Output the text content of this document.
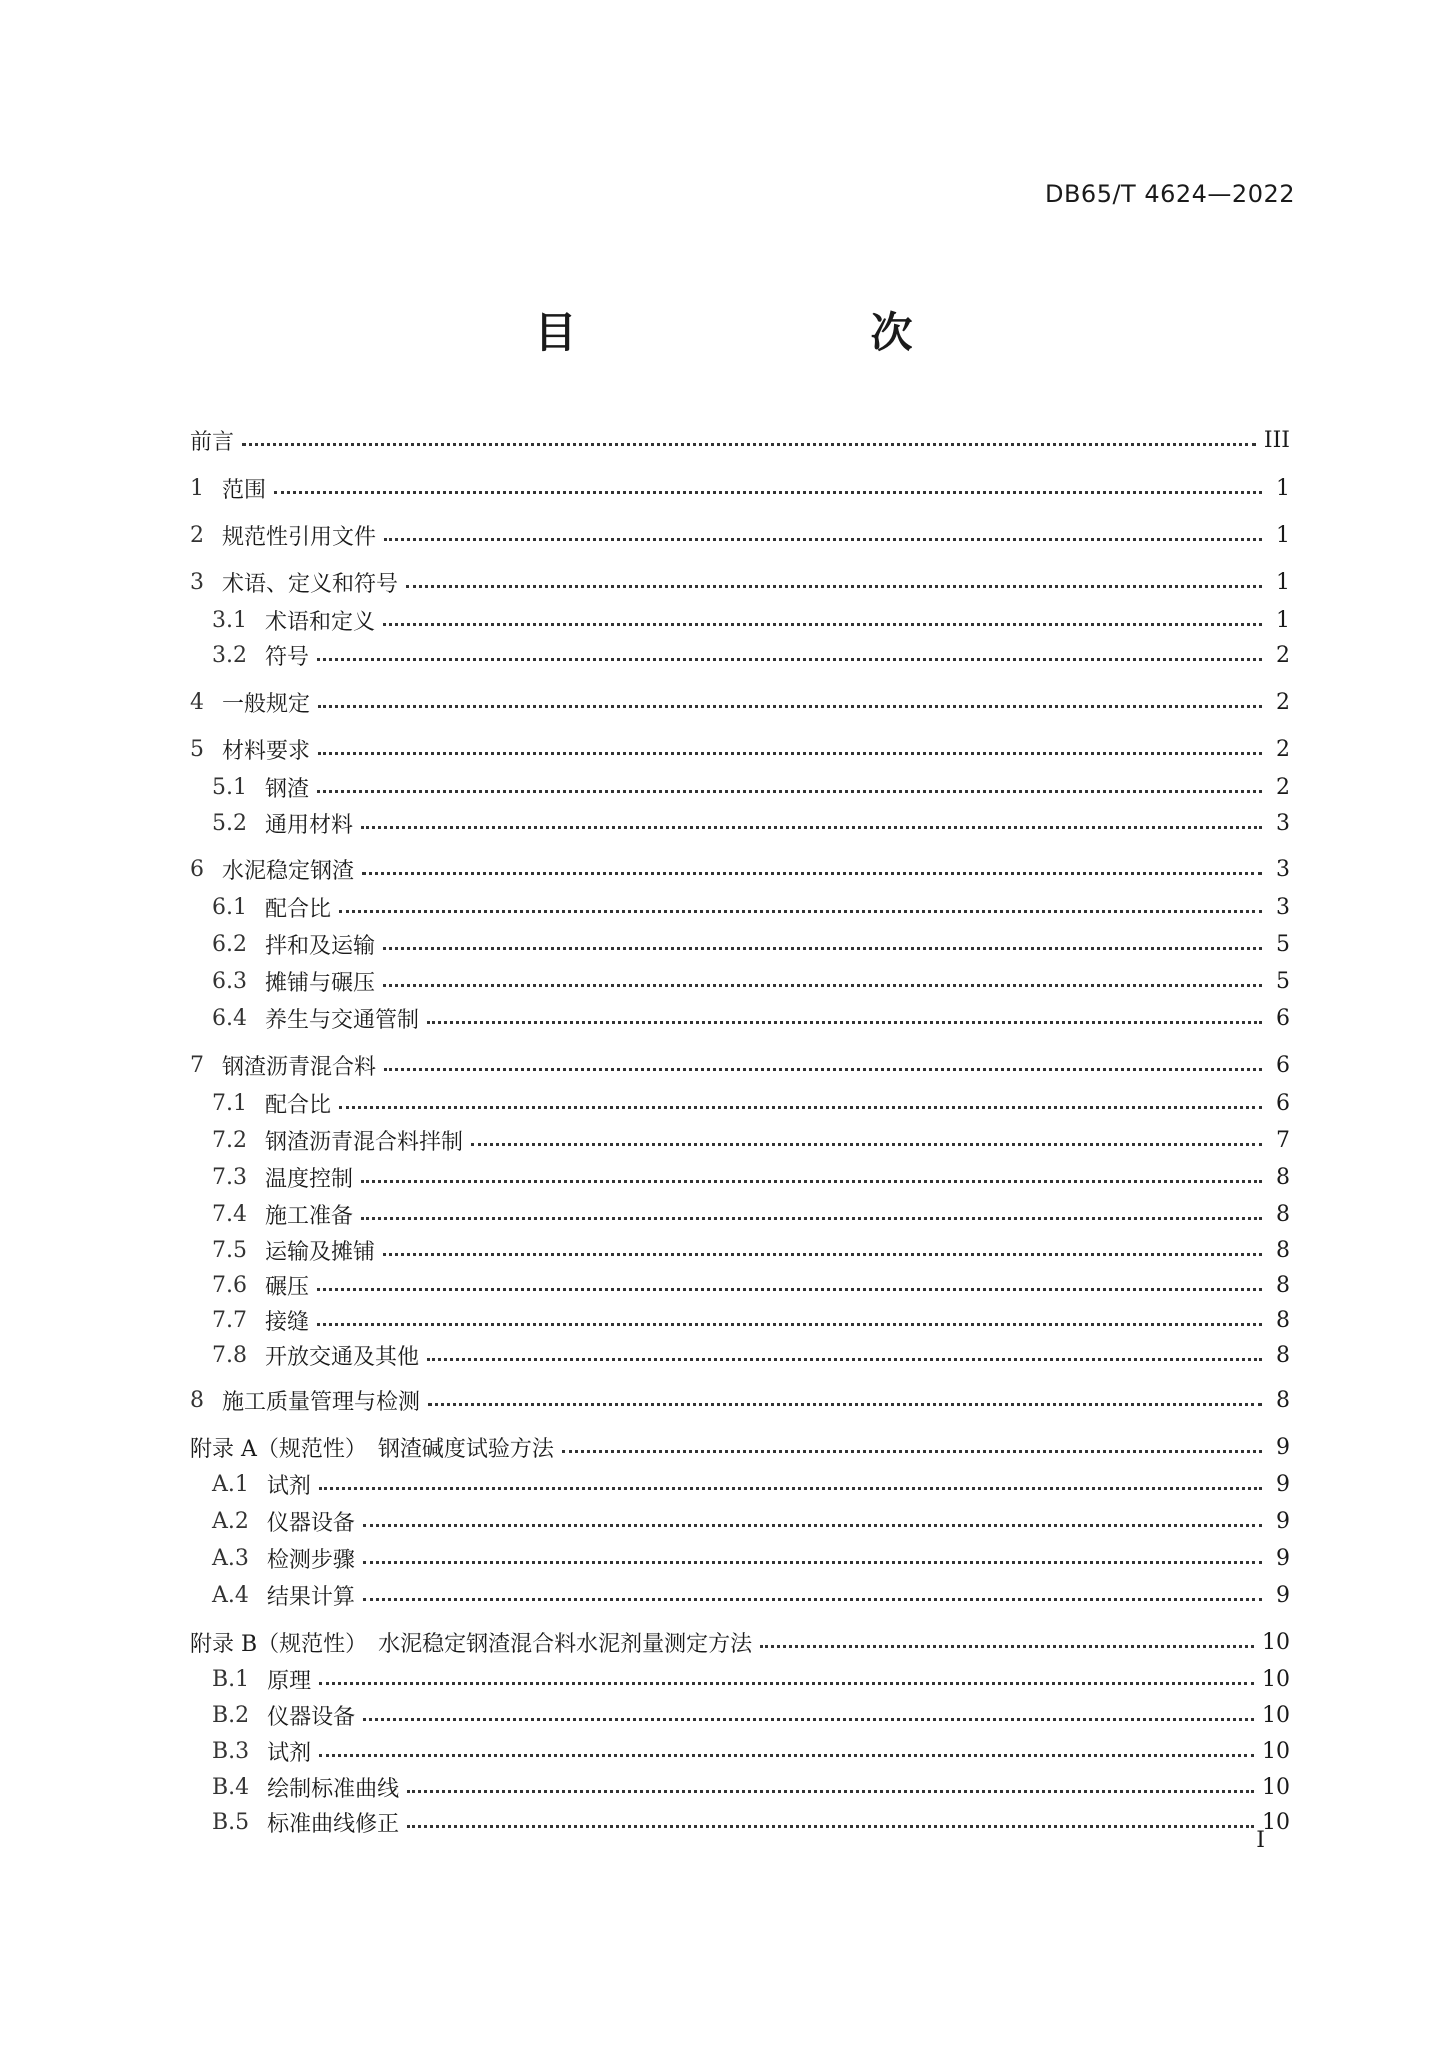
DB65/T 4624—2022
目　　次
前言	III
1 范围	1
2 规范性引用文件	1
3 术语、定义和符号	1
3.1 术语和定义	1
3.2 符号	2
4 一般规定	2
5 材料要求	2
5.1 钢渣	2
5.2 通用材料	3
6 水泥稳定钢渣	3
6.1 配合比	3
6.2 拌和及运输	5
6.3 摊铺与碾压	5
6.4 养生与交通管制	6
7 钢渣沥青混合料	6
7.1 配合比	6
7.2 钢渣沥青混合料拌制	7
7.3 温度控制	8
7.4 施工准备	8
7.5 运输及摊铺	8
7.6 碾压	8
7.7 接缝	8
7.8 开放交通及其他	8
8 施工质量管理与检测	8
附录 A（规范性）　钢渣碱度试验方法	9
A.1 试剂	9
A.2 仪器设备	9
A.3 检测步骤	9
A.4 结果计算	9
附录 B（规范性）　水泥稳定钢渣混合料水泥剂量测定方法	10
B.1 原理	10
B.2 仪器设备	10
B.3 试剂	10
B.4 绘制标准曲线	10
B.5 标准曲线修正	10
I
